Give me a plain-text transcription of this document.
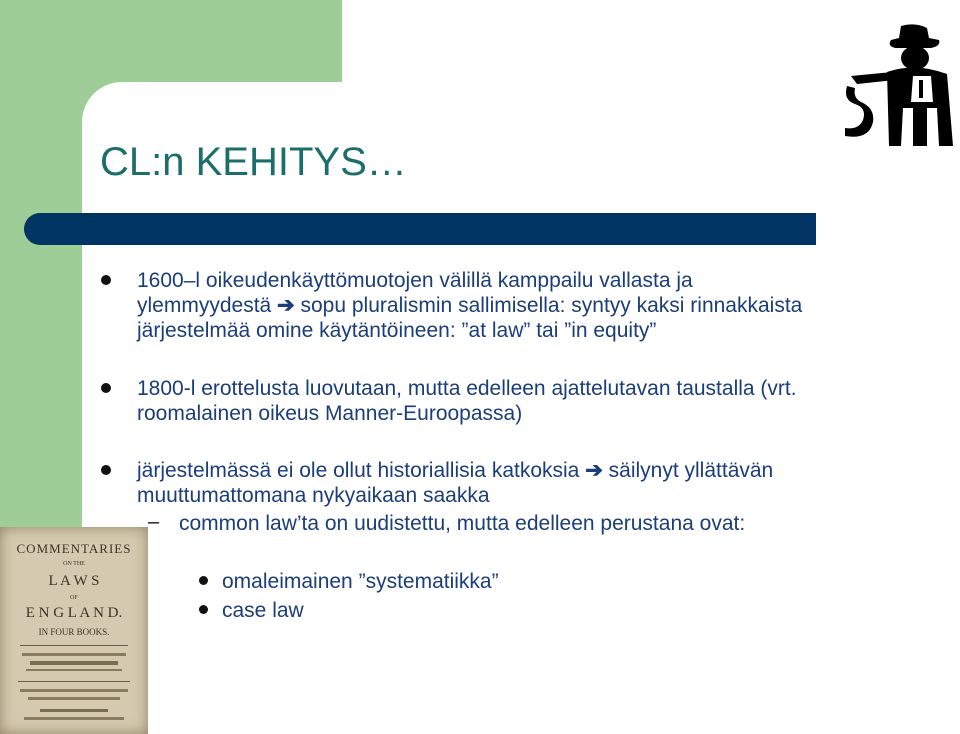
CL:n KEHITYS…

1600–l oikeudenkäyttömuotojen välillä kamppailu vallasta ja

ylemmyydestä ➔ sopu pluralismin sallimisella: syntyy kaksi rinnakkaista

järjestelmää omine käytäntöineen: ”at law” tai ”in equity”

1800-l erottelusta luovutaan, mutta edelleen ajattelutavan taustalla (vrt.

roomalainen oikeus Manner-Euroopassa)

järjestelmässä ei ole ollut historiallisia katkoksia ➔ säilynyt yllättävän

muuttumattomana nykyaikaan saakka

– common law’ta on uudistettu, mutta edelleen perustana ovat:

omaleimainen ”systematiikka”

case law

COMMENTARIES
ON THE
L A W S
OF
E N G L A N D.
IN FOUR BOOKS.
